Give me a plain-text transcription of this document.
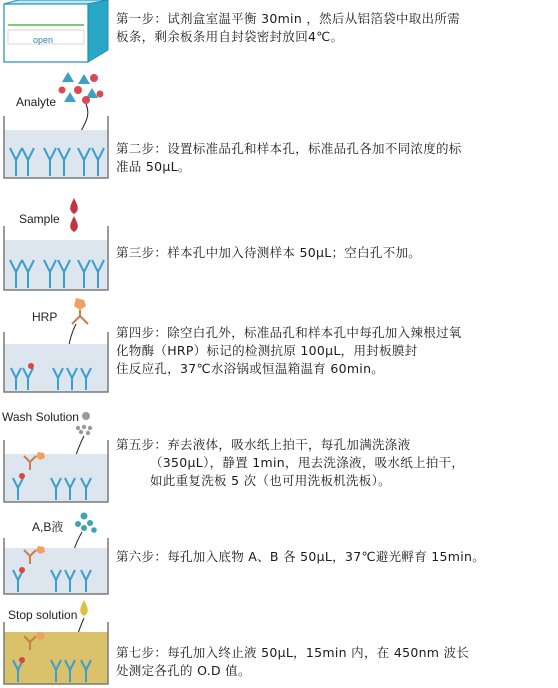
open
第一步：试剂盒室温平衡 30min ，然后从铝箔袋中取出所需
板条，剩余板条用自封袋密封放回4℃。
Analyte
第二步：设置标准品孔和样本孔，标准品孔各加不同浓度的标
准品 50μL。
Sample
第三步：样本孔中加入待测样本 50μL；空白孔不加。
HRP
第四步：除空白孔外，标准品孔和样本孔中每孔加入辣根过氧
化物酶（HRP）标记的检测抗原 100μL，用封板膜封
住反应孔，37℃水浴锅或恒温箱温育 60min。
Wash Solution
第五步：弃去液体，吸水纸上拍干，每孔加满洗涤液
（350μL），静置 1min，甩去洗涤液，吸水纸上拍干，
如此重复洗板 5 次（也可用洗板机洗板）。
A,B液
第六步：每孔加入底物 A、B 各 50μL，37℃避光孵育 15min。
Stop solution
第七步：每孔加入终止液 50μL，15min 内，在 450nm 波长
处测定各孔的 O.D 值。
